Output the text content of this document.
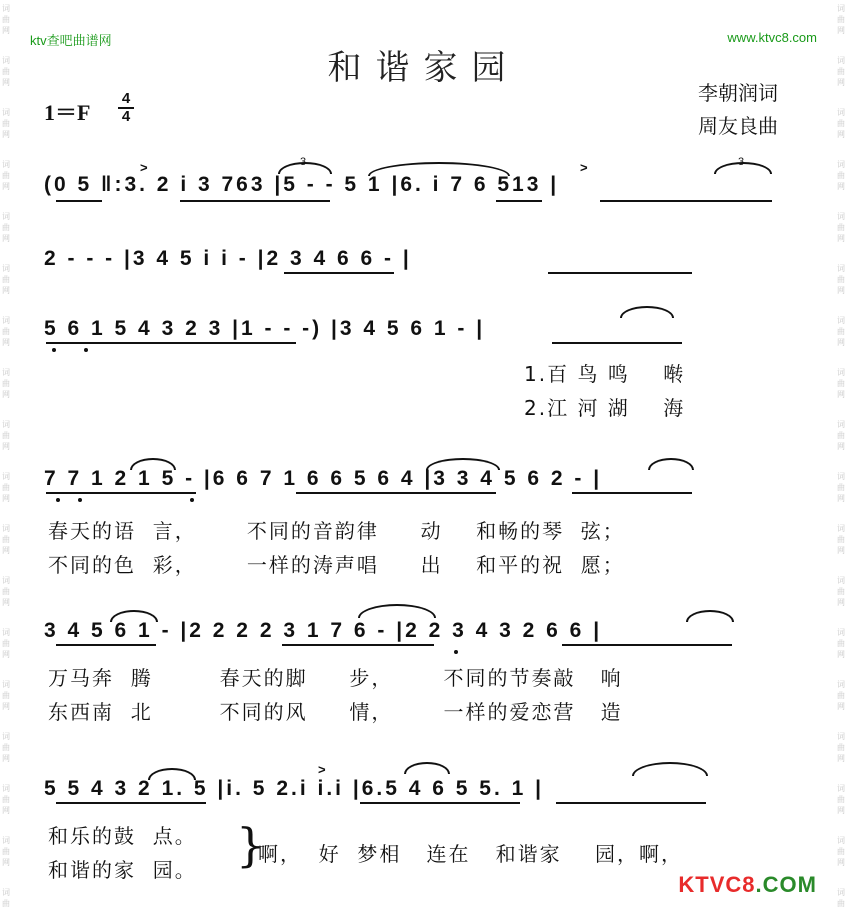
词
曲
网
词
曲
网
词
曲
网
词
曲
网
词
曲
网
词
曲
网
词
曲
网
词
曲
网
词
曲
网
词
曲
网
词
曲
网
词
曲
网
词
曲
网
词
曲
网
词
曲
网
词
曲
网
词
曲
网
词
曲
词
曲
网
词
曲
网
词
曲
网
词
曲
网
词
曲
网
词
曲
网
词
曲
网
词
曲
网
词
曲
网
词
曲
网
词
曲
网
词
曲
网
词
曲
网
词
曲
网
词
曲
网
词
曲
网
词
曲
网
词
曲
ktv查吧曲谱网	www.ktvc8.com
和谐家园
1＝F
4
4
李朝润词
周友良曲
(0 5 ‖:3. 2 i 3 763 |5 - - 5 1 |6. i 7 6 513 |
>	3	>	3
2 - - - |3 4 5 i i - |2 3 4 6 6 - |
5 6 1 5 4 3 2 3 |1 - - -) |3 4 5 6 1 - |
1.百 鸟 鸣    啭
2.江 河 湖    海
7 7 1 2 1 5 - |6 6 7 1 6 6 5 6 4 |3 3 4 5 6 2 - |
春天的语  言，      不同的音韵律     动    和畅的琴  弦；
不同的色  彩，      一样的涛声唱     出    和平的祝  愿；
3 4 5 6 1 - |2 2 2 2 3 1 7 6 - |2 2 3 4 3 2 6 6 |
万马奔  腾        春天的脚     步，      不同的节奏敲   响
东西南  北        不同的风     情，      一样的爱恋营   造
5 5 4 3 2 1. 5 |i. 5 2.i i.i |6.5 4 6 5 5. 1 |
>
和乐的鼓  点。
和谐的家  园。 }
啊，  好  梦相   连在   和谐家    园，啊，
KTVC8.COM
